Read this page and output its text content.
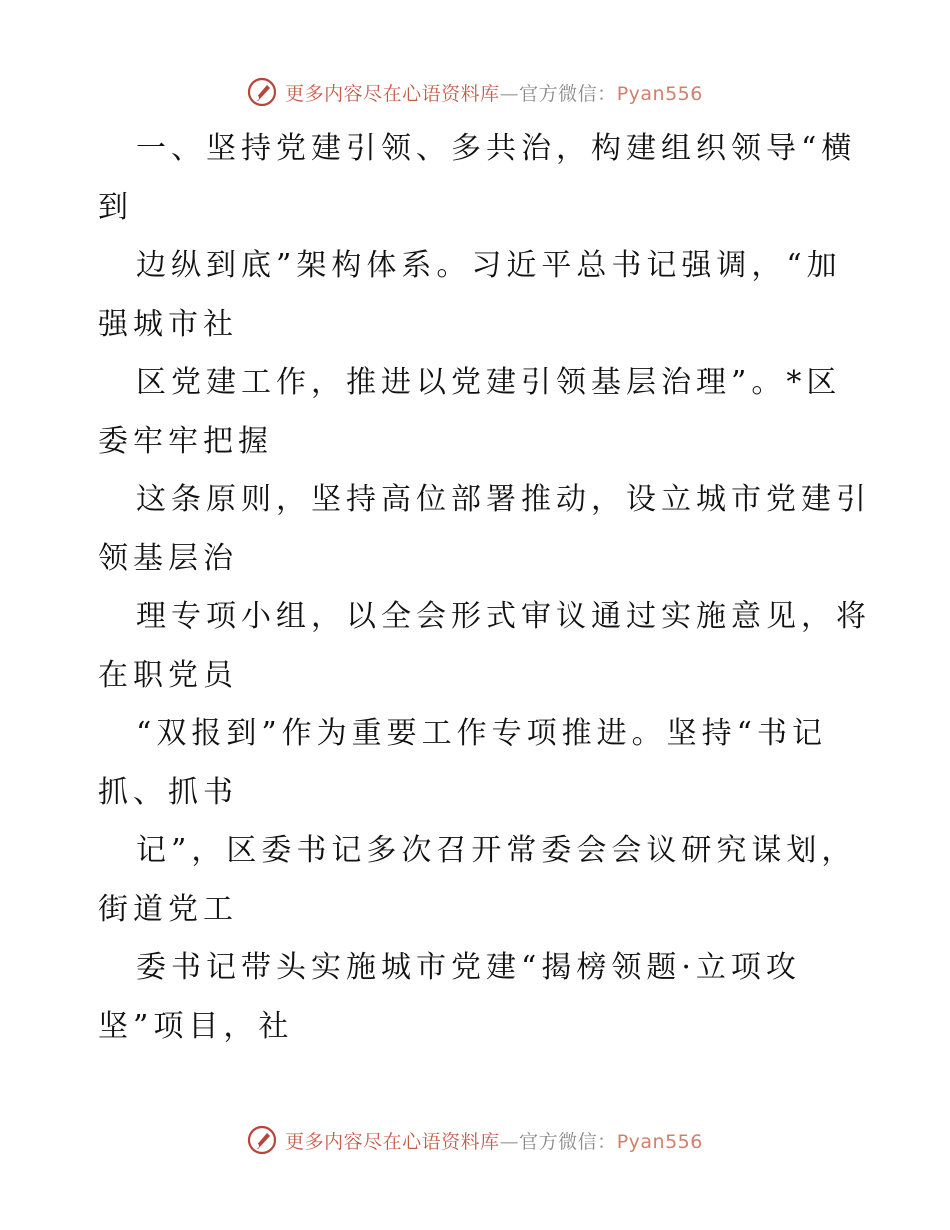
更多内容尽在心语资料库—官方微信：Pyan556
一、坚持党建引领、多共治，构建组织领导“横
到
边纵到底”架构体系。习近平总书记强调，“加
强城市社
区党建工作，推进以党建引领基层治理”。*区
委牢牢把握
这条原则，坚持高位部署推动，设立城市党建引
领基层治
理专项小组，以全会形式审议通过实施意见，将
在职党员
“双报到”作为重要工作专项推进。坚持“书记
抓、抓书
记”，区委书记多次召开常委会会议研究谋划，
街道党工
委书记带头实施城市党建“揭榜领题·立项攻
坚”项目，社
更多内容尽在心语资料库—官方微信：Pyan556
